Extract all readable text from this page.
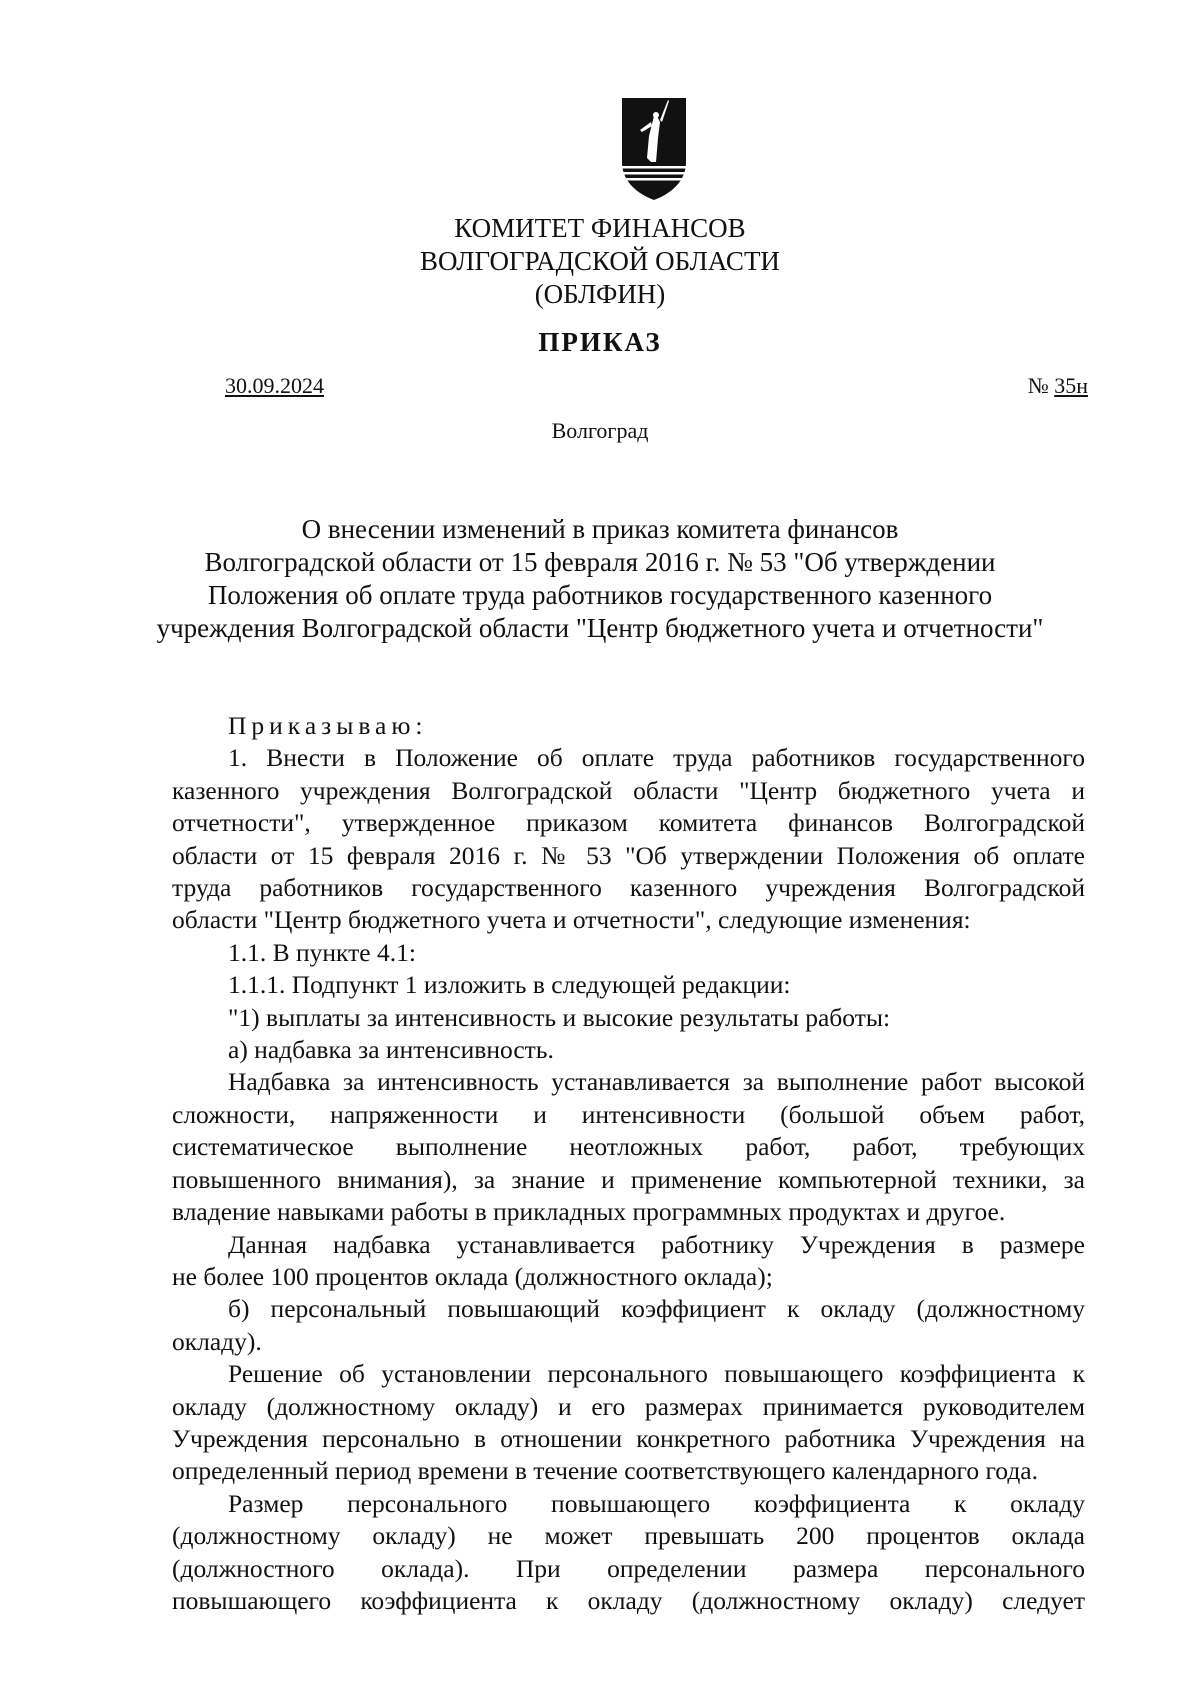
КОМИТЕТ ФИНАНСОВ
ВОЛГОГРАДСКОЙ ОБЛАСТИ
(ОБЛФИН)
ПРИКАЗ
30.09.2024	№ 35н
Волгоград
О внесении изменений в приказ комитета финансов
Волгоградской области от 15 февраля 2016 г. № 53 "Об утверждении
Положения об оплате труда работников государственного казенного
учреждения Волгоградской области "Центр бюджетного учета и отчетности"

Приказываю:

1. Внести в Положение об оплате труда работников государственного

казенного учреждения Волгоградской области "Центр бюджетного учета и

отчетности", утвержденное приказом комитета финансов Волгоградской

области от 15 февраля 2016 г. № 53 "Об утверждении Положения об оплате

труда работников государственного казенного учреждения Волгоградской

области "Центр бюджетного учета и отчетности", следующие изменения:

1.1. В пункте 4.1:

1.1.1. Подпункт 1 изложить в следующей редакции:

"1) выплаты за интенсивность и высокие результаты работы:

а) надбавка за интенсивность.

Надбавка за интенсивность устанавливается за выполнение работ высокой

сложности, напряженности и интенсивности (большой объем работ,

систематическое выполнение неотложных работ, работ, требующих

повышенного внимания), за знание и применение компьютерной техники, за

владение навыками работы в прикладных программных продуктах и другое.

Данная надбавка устанавливается работнику Учреждения в размере

не более 100 процентов оклада (должностного оклада);

б) персональный повышающий коэффициент к окладу (должностному

окладу).

Решение об установлении персонального повышающего коэффициента к

окладу (должностному окладу) и его размерах принимается руководителем

Учреждения персонально в отношении конкретного работника Учреждения на

определенный период времени в течение соответствующего календарного года.

Размер персонального повышающего коэффициента к окладу

(должностному окладу) не может превышать 200 процентов оклада

(должностного оклада). При определении размера персонального

повышающего коэффициента к окладу (должностному окладу) следует
